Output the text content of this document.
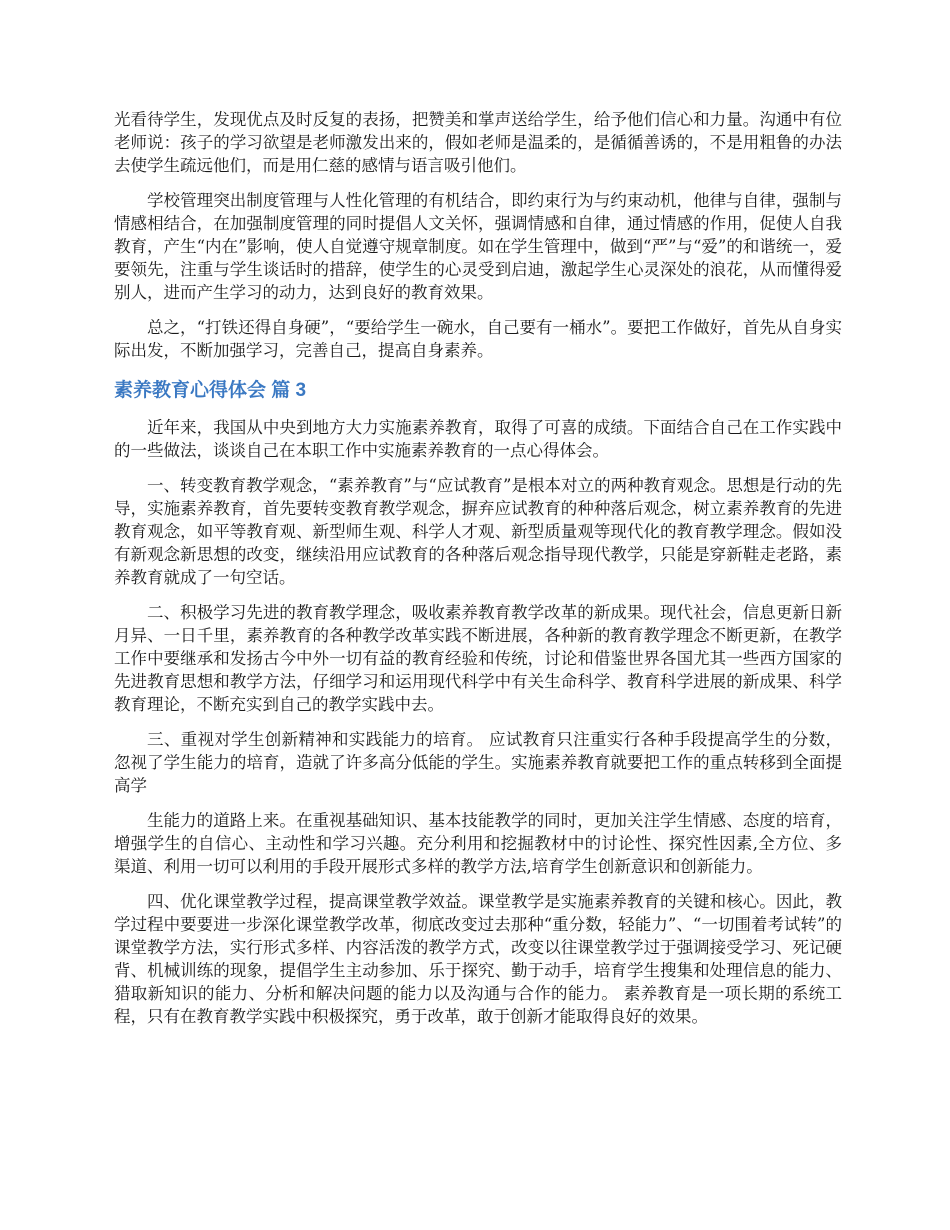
光看待学生，发现优点及时反复的表扬，把赞美和掌声送给学生，给予他们信心和力量。沟通中有位老师说：孩子的学习欲望是老师激发出来的，假如老师是温柔的，是循循善诱的，不是用粗鲁的办法去使学生疏远他们，而是用仁慈的感情与语言吸引他们。

学校管理突出制度管理与人性化管理的有机结合，即约束行为与约束动机，他律与自律，强制与情感相结合，在加强制度管理的同时提倡人文关怀，强调情感和自律，通过情感的作用，促使人自我教育，产生“内在”影响，使人自觉遵守规章制度。如在学生管理中，做到“严”与“爱”的和谐统一，爱要领先，注重与学生谈话时的措辞，使学生的心灵受到启迪，激起学生心灵深处的浪花，从而懂得爱别人，进而产生学习的动力，达到良好的教育效果。

总之，“打铁还得自身硬”，“要给学生一碗水，自己要有一桶水”。要把工作做好，首先从自身实际出发，不断加强学习，完善自己，提高自身素养。

素养教育心得体会 篇 3

近年来，我国从中央到地方大力实施素养教育，取得了可喜的成绩。下面结合自己在工作实践中的一些做法，谈谈自己在本职工作中实施素养教育的一点心得体会。

一、转变教育教学观念，“素养教育”与“应试教育”是根本对立的两种教育观念。思想是行动的先导，实施素养教育，首先要转变教育教学观念，摒弃应试教育的种种落后观念，树立素养教育的先进教育观念，如平等教育观、新型师生观、科学人才观、新型质量观等现代化的教育教学理念。假如没有新观念新思想的改变，继续沿用应试教育的各种落后观念指导现代教学，只能是穿新鞋走老路，素养教育就成了一句空话。

二、积极学习先进的教育教学理念，吸收素养教育教学改革的新成果。现代社会，信息更新日新月异、一日千里，素养教育的各种教学改革实践不断进展，各种新的教育教学理念不断更新，在教学工作中要继承和发扬古今中外一切有益的教育经验和传统，讨论和借鉴世界各国尤其一些西方国家的先进教育思想和教学方法，仔细学习和运用现代科学中有关生命科学、教育科学进展的新成果、科学教育理论，不断充实到自己的教学实践中去。

三、重视对学生创新精神和实践能力的培育。 应试教育只注重实行各种手段提高学生的分数，忽视了学生能力的培育，造就了许多高分低能的学生。实施素养教育就要把工作的重点转移到全面提高学

生能力的道路上来。在重视基础知识、基本技能教学的同时，更加关注学生情感、态度的培育，增强学生的自信心、主动性和学习兴趣。充分利用和挖掘教材中的讨论性、探究性因素,全方位、多渠道、利用一切可以利用的手段开展形式多样的教学方法,培育学生创新意识和创新能力。

四、优化课堂教学过程，提高课堂教学效益。课堂教学是实施素养教育的关键和核心。因此，教学过程中要要进一步深化课堂教学改革，彻底改变过去那种“重分数，轻能力”、“一切围着考试转”的课堂教学方法，实行形式多样、内容活泼的教学方式，改变以往课堂教学过于强调接受学习、死记硬背、机械训练的现象，提倡学生主动参加、乐于探究、勤于动手，培育学生搜集和处理信息的能力、猎取新知识的能力、分析和解决问题的能力以及沟通与合作的能力。 素养教育是一项长期的系统工程，只有在教育教学实践中积极探究，勇于改革，敢于创新才能取得良好的效果。
